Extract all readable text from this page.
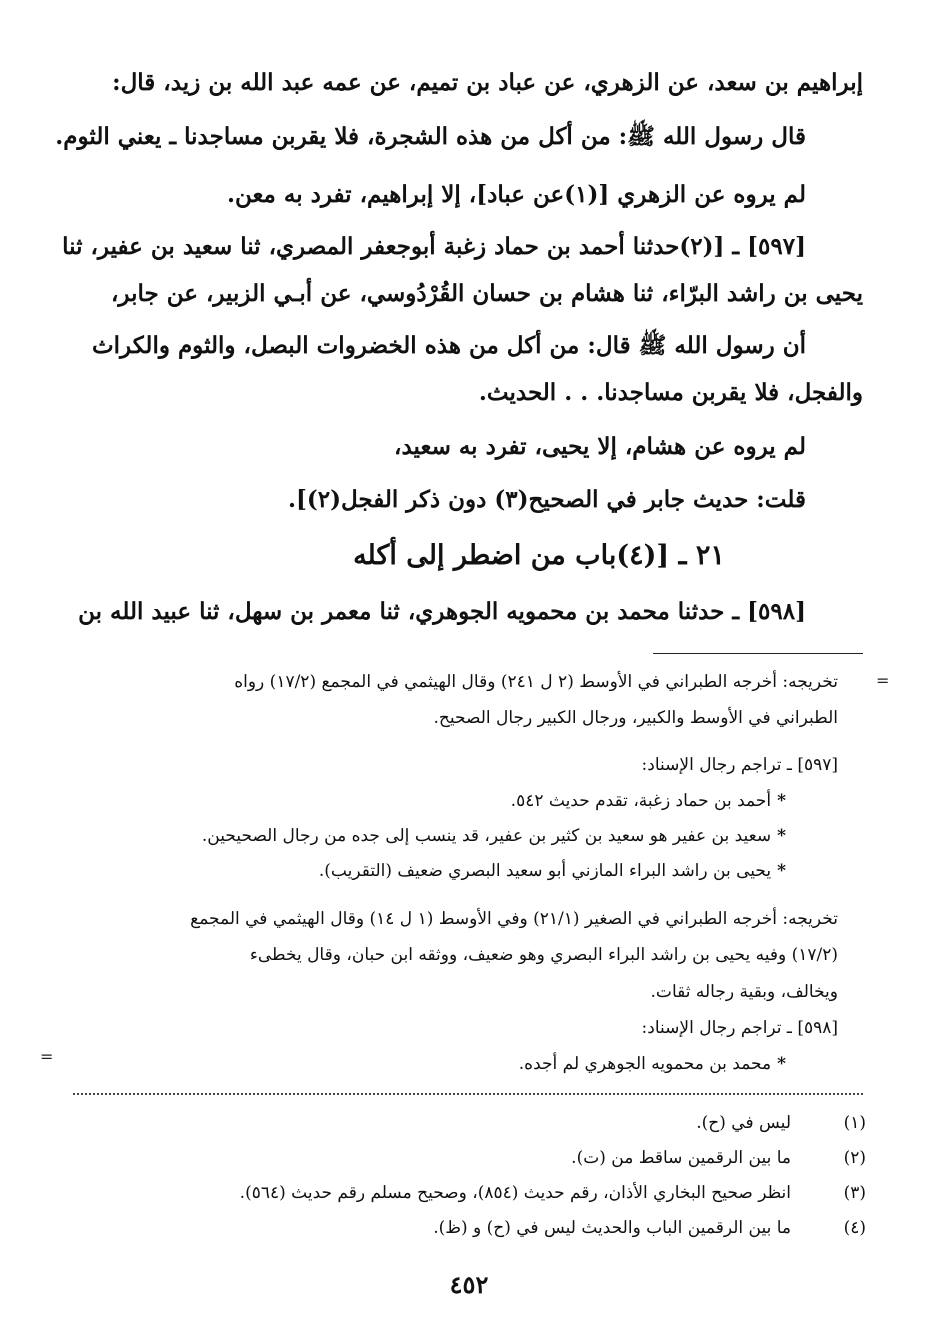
إبراهيم بن سعد، عن الزهري، عن عباد بن تميم، عن عمه عبد الله بن زيد، قال:
قال رسول الله ﷺ: من أكل من هذه الشجرة، فلا يقربن مساجدنا ـ يعني الثوم.
لم يروه عن الزهري [(١)عن عباد]، إلا إبراهيم، تفرد به معن.
[٥٩٧] ـ [(٢)حدثنا أحمد بن حماد زغبة أبوجعفر المصري، ثنا سعيد بن عفير، ثنا
يحيى بن راشد البرّاء، ثنا هشام بن حسان القُرْدُوسي، عن أبـي الزبير، عن جابر،
أن رسول الله ﷺ قال: من أكل من هذه الخضروات البصل، والثوم والكراث
والفجل، فلا يقربن مساجدنا. . . الحديث.
لم يروه عن هشام، إلا يحيى، تفرد به سعيد،
قلت: حديث جابر في الصحيح(٣) دون ذكر الفجل(٢)].
٢١ ـ [(٤)باب من اضطر إلى أكله
[٥٩٨] ـ حدثنا محمد بن محمويه الجوهري، ثنا معمر بن سهل، ثنا عبيد الله بن
تخريجه: أخرجه الطبراني في الأوسط (٢ ل ٢٤١) وقال الهيثمي في المجمع (١٧/٢) رواه
الطبراني في الأوسط والكبير، ورجال الكبير رجال الصحيح.
[٥٩٧] ـ تراجم رجال الإسناد:
*أحمد بن حماد زغبة، تقدم حديث ٥٤٢.
*سعيد بن عفير هو سعيد بن كثير بن عفير، قد ينسب إلى جده من رجال الصحيحين.
*يحيى بن راشد البراء المازني أبو سعيد البصري ضعيف (التقريب).
تخريجه: أخرجه الطبراني في الصغير (٢١/١) وفي الأوسط (١ ل ١٤) وقال الهيثمي في المجمع
(١٧/٢) وفيه يحيى بن راشد البراء البصري وهو ضعيف، ووثقه ابن حبان، وقال يخطىء
ويخالف، وبقية رجاله ثقات.
[٥٩٨] ـ تراجم رجال الإسناد:
*محمد بن محمويه الجوهري لم أجده.
(١)ليس في (ح).
(٢)ما بين الرقمين ساقط من (ت).
(٣)انظر صحيح البخاري الأذان، رقم حديث (٨٥٤)، وصحيح مسلم رقم حديث (٥٦٤).
(٤)ما بين الرقمين الباب والحديث ليس في (ح) و (ظ).
٤٥٢
=
=
